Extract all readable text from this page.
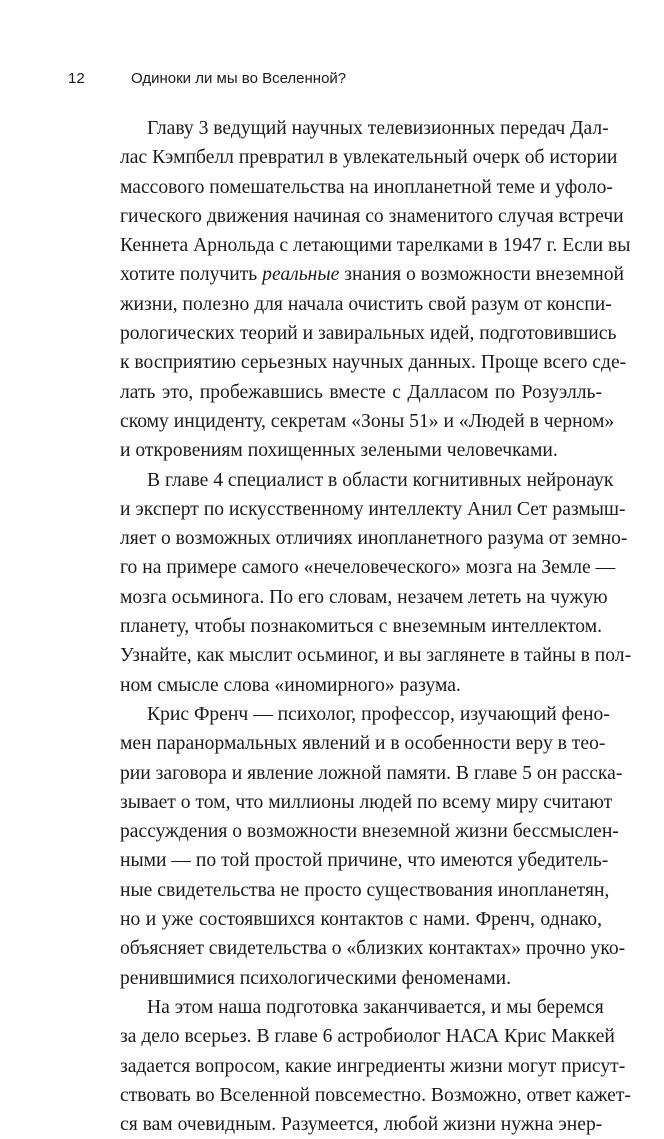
12	Одиноки ли мы во Вселенной?
Главу 3 ведущий научных телевизионных передач Дал-
лас Кэмпбелл превратил в увлекательный очерк об истории
массового помешательства на инопланетной теме и уфоло-
гического движения начиная со знаменитого случая встречи
Кеннета Арнольда с летающими тарелками в 1947 г. Если вы
хотите получить реальные знания о возможности внеземной
жизни, полезно для начала очистить свой разум от конспи-
рологических теорий и завиральных идей, подготовившись
к восприятию серьезных научных данных. Проще всего сде-
лать это, пробежавшись вместе с Далласом по Розуэлль-
скому инциденту, секретам «Зоны 51» и «Людей в черном»
и откровениям похищенных зелеными человечками.
В главе 4 специалист в области когнитивных нейронаук
и эксперт по искусственному интеллекту Анил Сет размыш-
ляет о возможных отличиях инопланетного разума от земно-
го на примере самого «нечеловеческого» мозга на Земле —
мозга осьминога. По его словам, незачем лететь на чужую
планету, чтобы познакомиться с внеземным интеллектом.
Узнайте, как мыслит осьминог, и вы заглянете в тайны в пол-
ном смысле слова «иномирного» разума.
Крис Френч — психолог, профессор, изучающий фено-
мен паранормальных явлений и в особенности веру в тео-
рии заговора и явление ложной памяти. В главе 5 он расска-
зывает о том, что миллионы людей по всему миру считают
рассуждения о возможности внеземной жизни бессмыслен-
ными — по той простой причине, что имеются убедитель-
ные свидетельства не просто существования инопланетян,
но и уже состоявшихся контактов с нами. Френч, однако,
объясняет свидетельства о «близких контактах» прочно уко-
ренившимися психологическими феноменами.
На этом наша подготовка заканчивается, и мы беремся
за дело всерьез. В главе 6 астробиолог НАСА Крис Маккей
задается вопросом, какие ингредиенты жизни могут присут-
ствовать во Вселенной повсеместно. Возможно, ответ кажет-
ся вам очевидным. Разумеется, любой жизни нужна энер-
